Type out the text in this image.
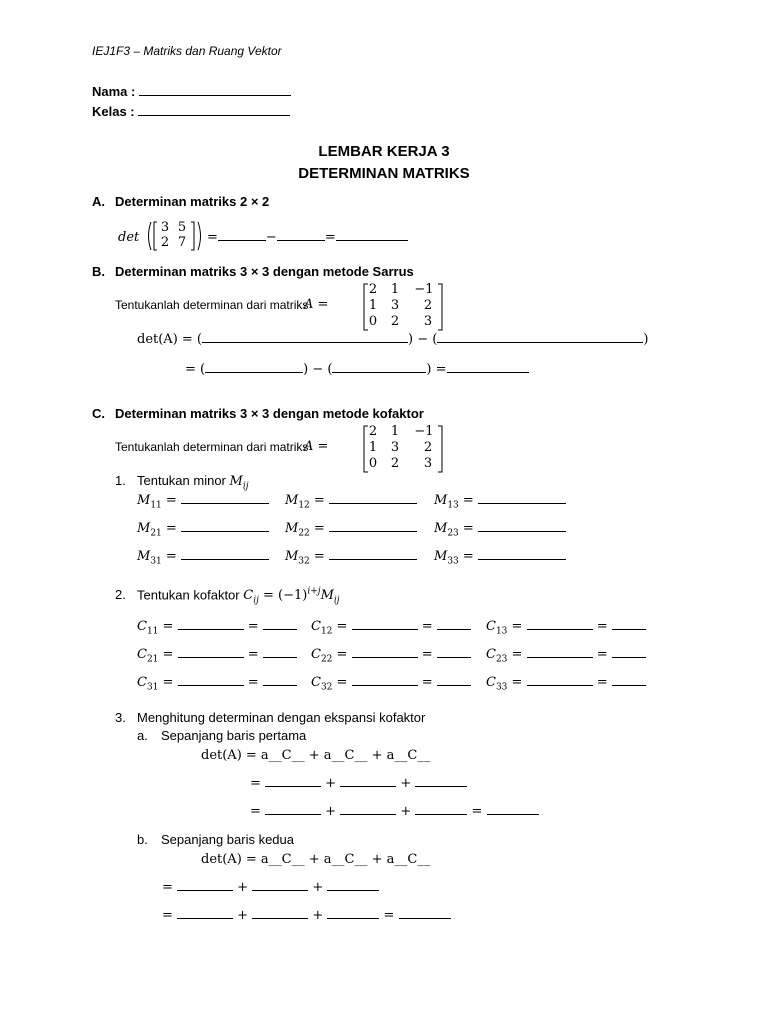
IEJ1F3 – Matriks dan Ruang Vektor
Nama :
Kelas :
LEMBAR KERJA 3
DETERMINAN MATRIKS
A. Determinan matriks 2 × 2
det
3 5
2 7 =	−	=
B. Determinan matriks 3 × 3 dengan metode Sarrus
Tentukanlah determinan dari matriks
A =
2 1 −1
1 3	2
0 2	3
det(A) = (	) − (	)
= (	) − (	) =
C. Determinan matriks 3 × 3 dengan metode kofaktor
Tentukanlah determinan dari matriks
A =
2 1 −1
1 3	2
0 2	3
1. Tentukan minor $M_{ij}$
$M_{11}$ =	$M_{12}$ =	$M_{13}$ =
$M_{21}$ =	$M_{22}$ =	$M_{23}$ =
$M_{31}$ =	$M_{32}$ =	$M_{33}$ =
2. Tentukan kofaktor $C_{ij} = (-1)^{i+j}M_{ij}$
$C_{11}$ =	=	$C_{12}$ =	=	$C_{13}$ =	=
$C_{21}$ =	=	$C_{22}$ =	=	$C_{23}$ =	=
$C_{31}$ =	=	$C_{32}$ =	=	$C_{33}$ =	=
3. Menghitung determinan dengan ekspansi kofaktor
a. Sepanjang baris pertama
det(A) = a__C__ + a__C__ + a__C__
=	+	+
=	+	+	=
b. Sepanjang baris kedua
det(A) = a__C__ + a__C__ + a__C__
=	+	+
=	+	+	=
